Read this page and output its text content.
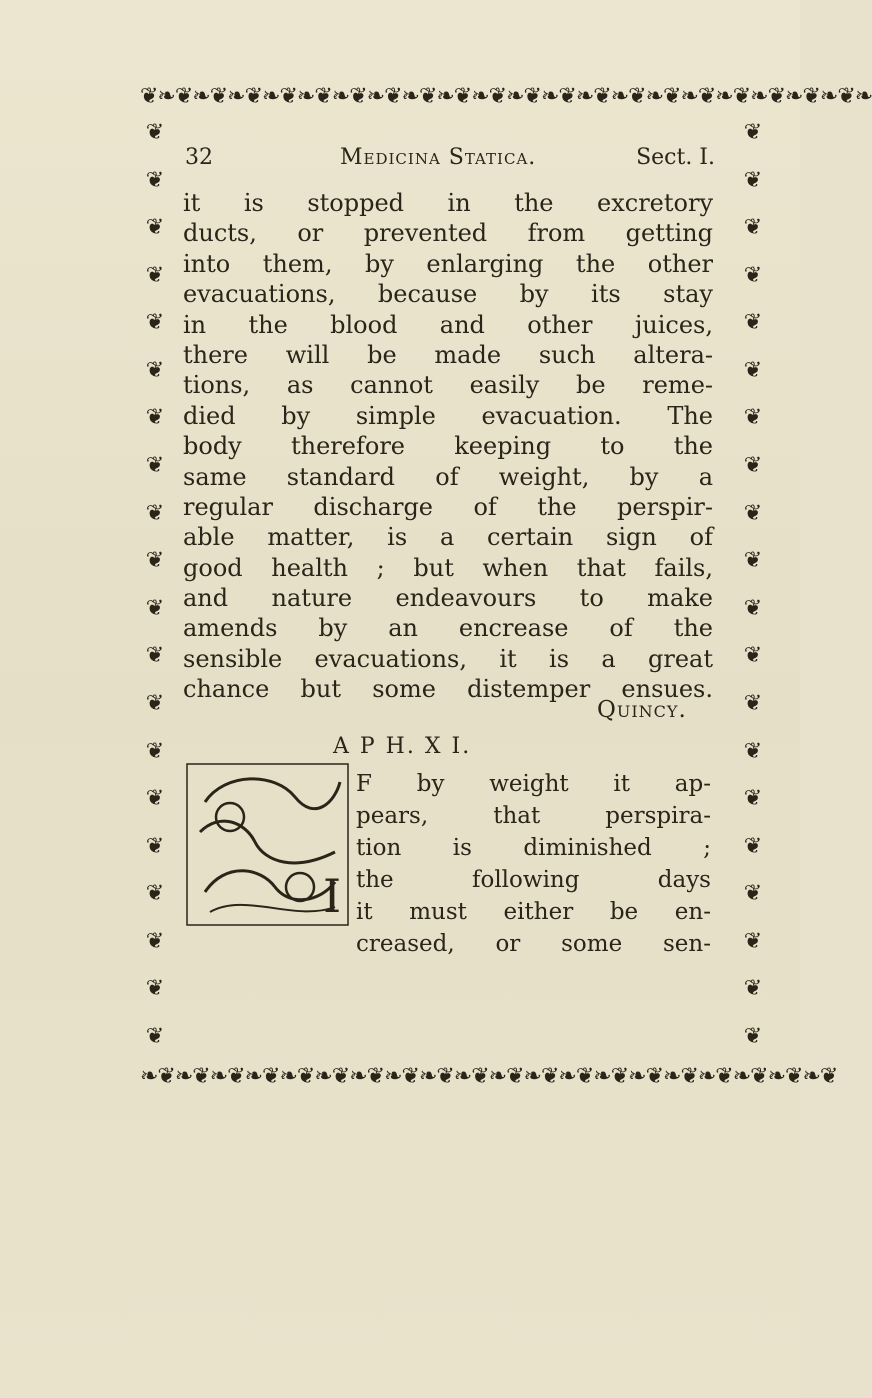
❦❧❦❧❦❧❦❧❦❧❦❧❦❧❦❧❦❧❦❧❦❧❦❧❦❧❦❧❦❧❦❧❦❧❦❧❦❧❦❧❦❧
❦
❦
❦
❦
❦
❦
❦
❦
❦
❦
❦
❦
❦
❦
❦
❦
❦
❦
❦
❦
❦
❦
❦
❦
❦
❦
❦
❦
❦
❦
❦
❦
❦
❦
❦
❦
❦
❦
❦
❦
❧❦❧❦❧❦❧❦❧❦❧❦❧❦❧❦❧❦❧❦❧❦❧❦❧❦❧❦❧❦❧❦❧❦❧❦❧❦❧❦
32	Medicina Statica.	Sect. I.
it is stopped in the excretory
ducts, or prevented from getting
into them, by enlarging the other
evacuations, because by its stay
in the blood and other juices,
there will be made such altera-
tions, as cannot easily be reme-
died by simple evacuation. The
body therefore keeping to the
same standard of weight, by a
regular discharge of the perspir-
able matter, is a certain sign of
good health ; but when that fails,
and nature endeavours to make
amends by an encrease of the
sensible evacuations, it is a great
chance but some distemper ensues.
Quincy.
A P H. X I.
I
F by weight it ap-
pears, that perspira-
tion is diminished ;
the following days
it must either be en-
creased, or some sen-
